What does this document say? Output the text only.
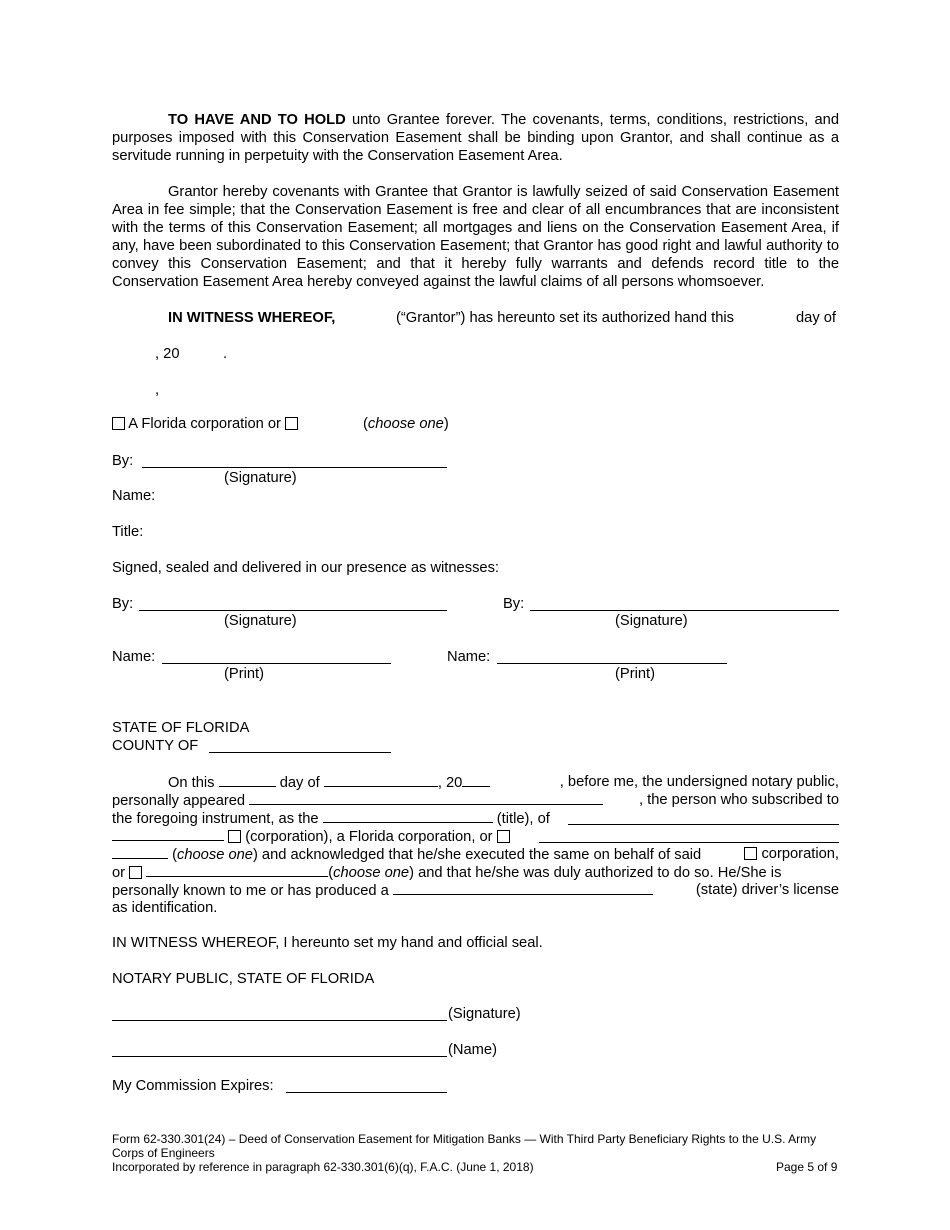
TO HAVE AND TO HOLD unto Grantee forever. The covenants, terms, conditions, restrictions, and purposes imposed with this Conservation Easement shall be binding upon Grantor, and shall continue as a servitude running in perpetuity with the Conservation Easement Area.
Grantor hereby covenants with Grantee that Grantor is lawfully seized of said Conservation Easement Area in fee simple; that the Conservation Easement is free and clear of all encumbrances that are inconsistent with the terms of this Conservation Easement; all mortgages and liens on the Conservation Easement Area, if any, have been subordinated to this Conservation Easement; that Grantor has good right and lawful authority to convey this Conservation Easement; and that it hereby fully warrants and defends record title to the Conservation Easement Area hereby conveyed against the lawful claims of all persons whomsoever.
IN WITNESS WHEREOF,	(“Grantor”) has hereunto set its authorized hand this	day of
, 20	.
,
A Florida corporation or	(choose one)
By:
(Signature)
Name:
Title:
Signed, sealed and delivered in our presence as witnesses:
By:
(Signature)
By:
(Signature)
Name:
(Print)
Name:
(Print)
STATE OF FLORIDA
COUNTY OF
On this	day of	, 20	, before me, the undersigned notary public,
personally appeared	, the person who subscribed to
the foregoing instrument, as the	(title), of
(corporation), a Florida corporation, or
(choose one) and acknowledged that he/she executed the same on behalf of said	corporation,
or	(choose one) and that he/she was duly authorized to do so. He/She is
personally known to me or has produced a	(state) driver’s license
as identification.
IN WITNESS WHEREOF, I hereunto set my hand and official seal.
NOTARY PUBLIC, STATE OF FLORIDA
(Signature)
(Name)
My Commission Expires:
Form 62-330.301(24) – Deed of Conservation Easement for Mitigation Banks — With Third Party Beneficiary Rights to the U.S. Army
Corps of Engineers
Incorporated by reference in paragraph 62-330.301(6)(q), F.A.C. (June 1, 2018)	Page 5 of 9
